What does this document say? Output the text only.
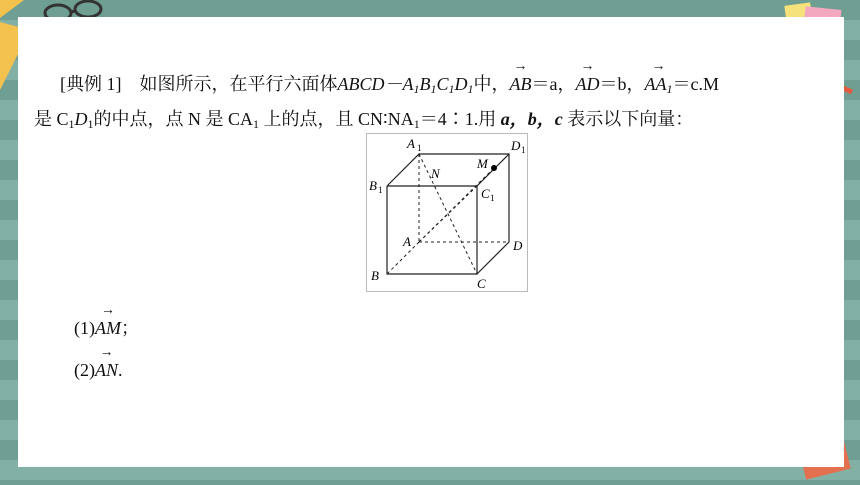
[典例 1] 如图所示，在平行六面体$ABCD-A_1B_1C_1D_1$中，→ AB＝a，→ AD＝b，→ $AA_1=c.M$
是 $C_1D_1$的中点，点 N 是 $CA_1$ 上的点，且 $CN∶NA_1=4∶1$.用 a，b，c 表示以下向量：
A 1	D 1
M
N
B 1	C 1
A	D
B
C
(1)→ AM；
(2)→ AN.
